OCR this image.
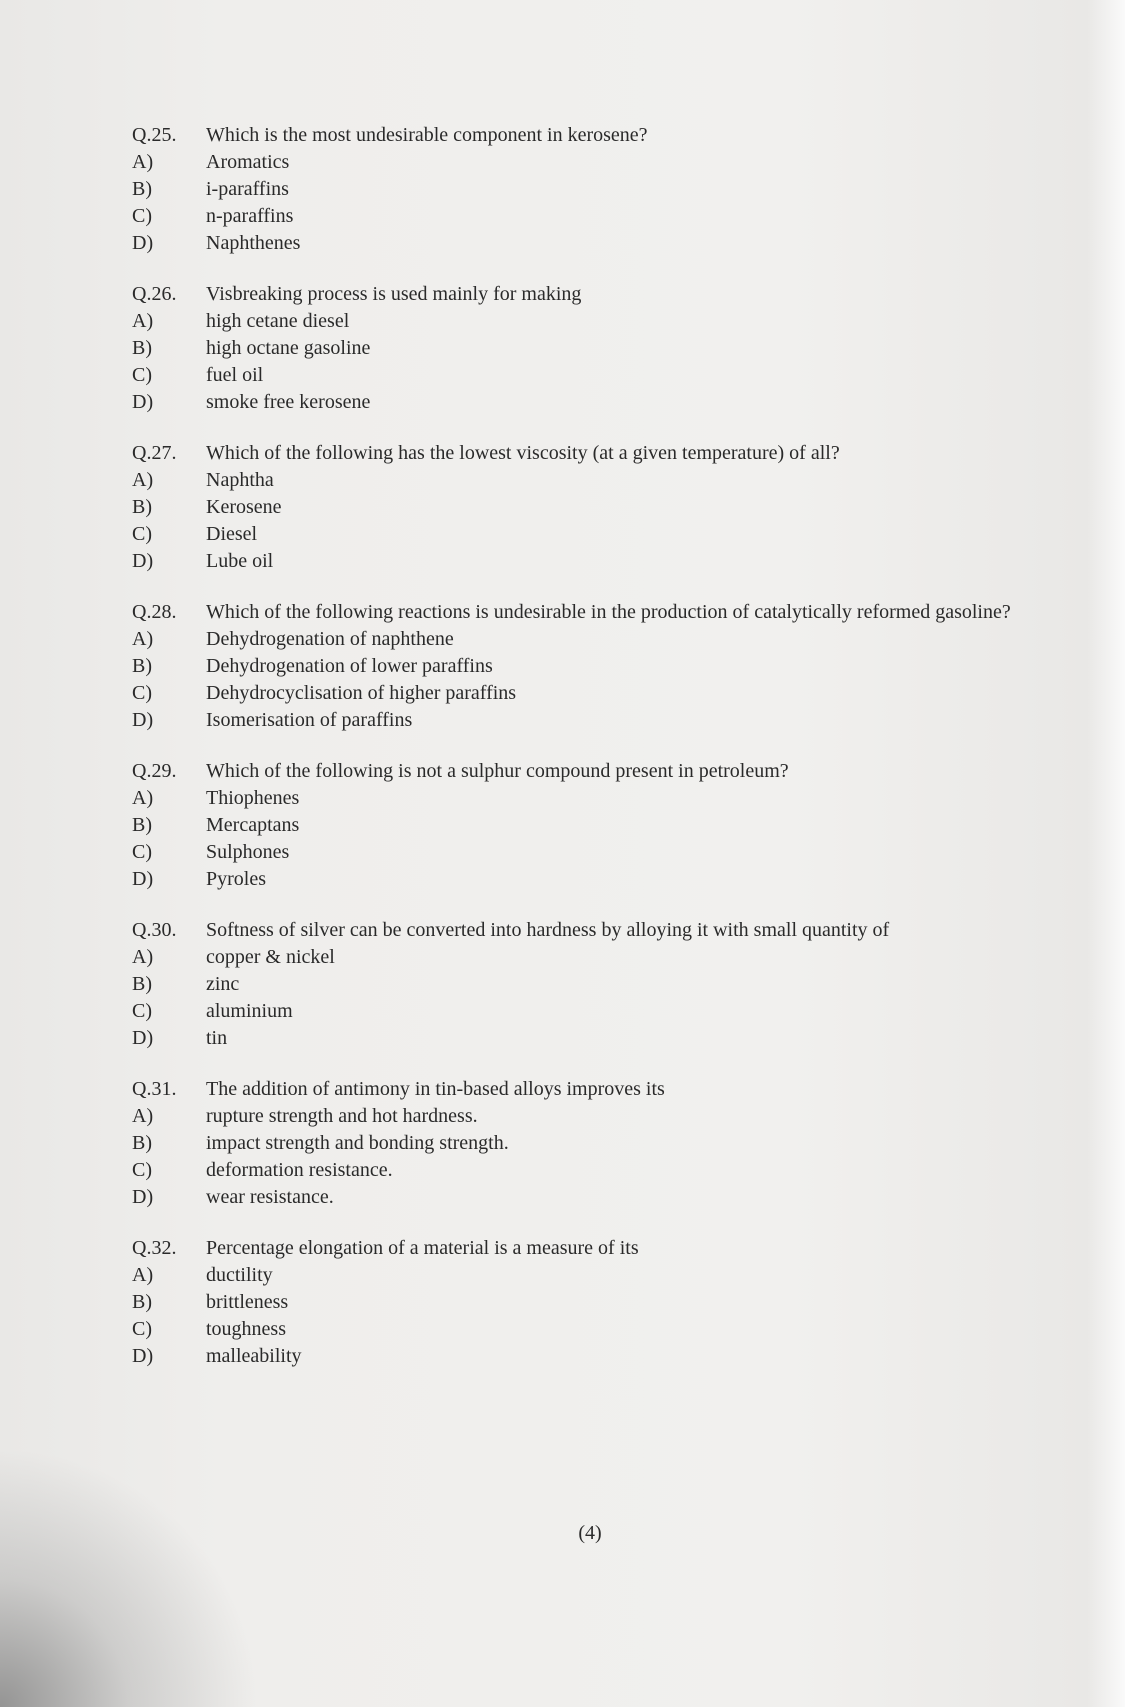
Q.25.	Which is the most undesirable component in kerosene?
A)	Aromatics
B)	i-paraffins
C)	n-paraffins
D)	Naphthenes
Q.26.	Visbreaking process is used mainly for making
A)	high cetane diesel
B)	high octane gasoline
C)	fuel oil
D)	smoke free kerosene
Q.27.	Which of the following has the lowest viscosity (at a given temperature) of all?
A)	Naphtha
B)	Kerosene
C)	Diesel
D)	Lube oil
Q.28.	Which of the following reactions is undesirable in the production of catalytically reformed gasoline?
A)	Dehydrogenation of naphthene
B)	Dehydrogenation of lower paraffins
C)	Dehydrocyclisation of higher paraffins
D)	Isomerisation of paraffins
Q.29.	Which of the following is not a sulphur compound present in petroleum?
A)	Thiophenes
B)	Mercaptans
C)	Sulphones
D)	Pyroles
Q.30.	Softness of silver can be converted into hardness by alloying it with small quantity of
A)	copper & nickel
B)	zinc
C)	aluminium
D)	tin
Q.31.	The addition of antimony in tin-based alloys improves its
A)	rupture strength and hot hardness.
B)	impact strength and bonding strength.
C)	deformation resistance.
D)	wear resistance.
Q.32.	Percentage elongation of a material is a measure of its
A)	ductility
B)	brittleness
C)	toughness
D)	malleability
(4)
